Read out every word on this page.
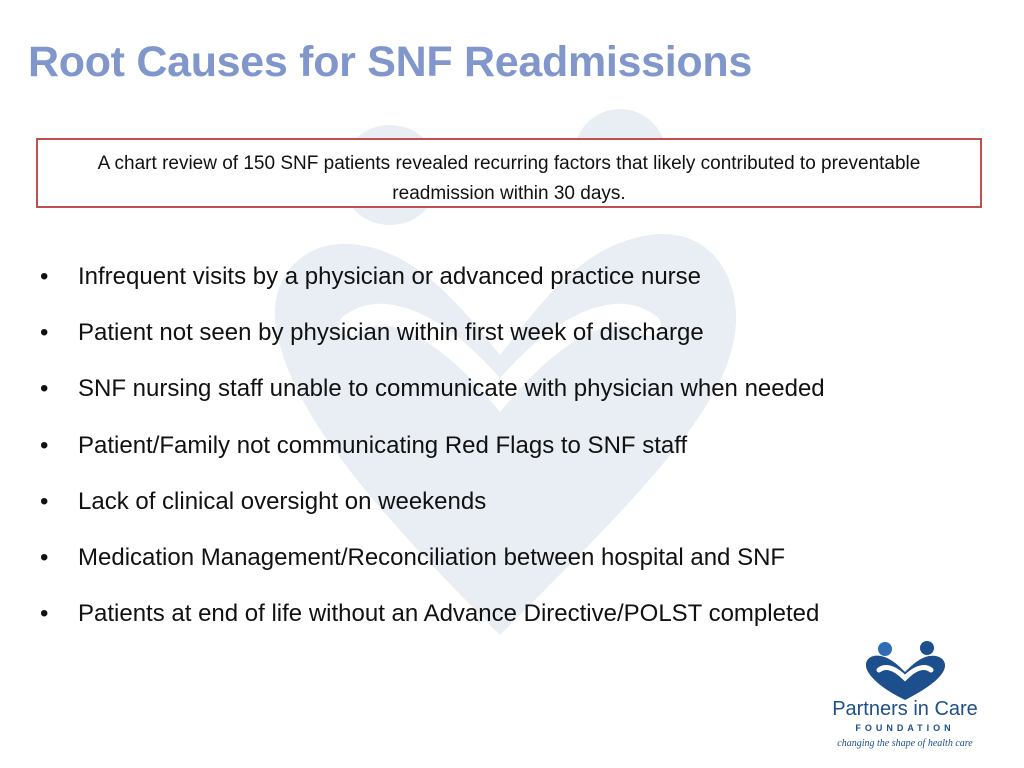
Root Causes for SNF Readmissions
A chart review of 150 SNF patients revealed recurring factors that likely contributed to preventable readmission within 30 days.
• Infrequent visits by a physician or advanced practice nurse
• Patient not seen by physician within first week of discharge
• SNF nursing staff unable to communicate with physician when needed
• Patient/Family not communicating Red Flags to SNF staff
• Lack of clinical oversight on weekends
• Medication Management/Reconciliation between hospital and SNF
• Patients at end of life without an Advance Directive/POLST completed
Partners in Care
FOUNDATION
changing the shape of health care
